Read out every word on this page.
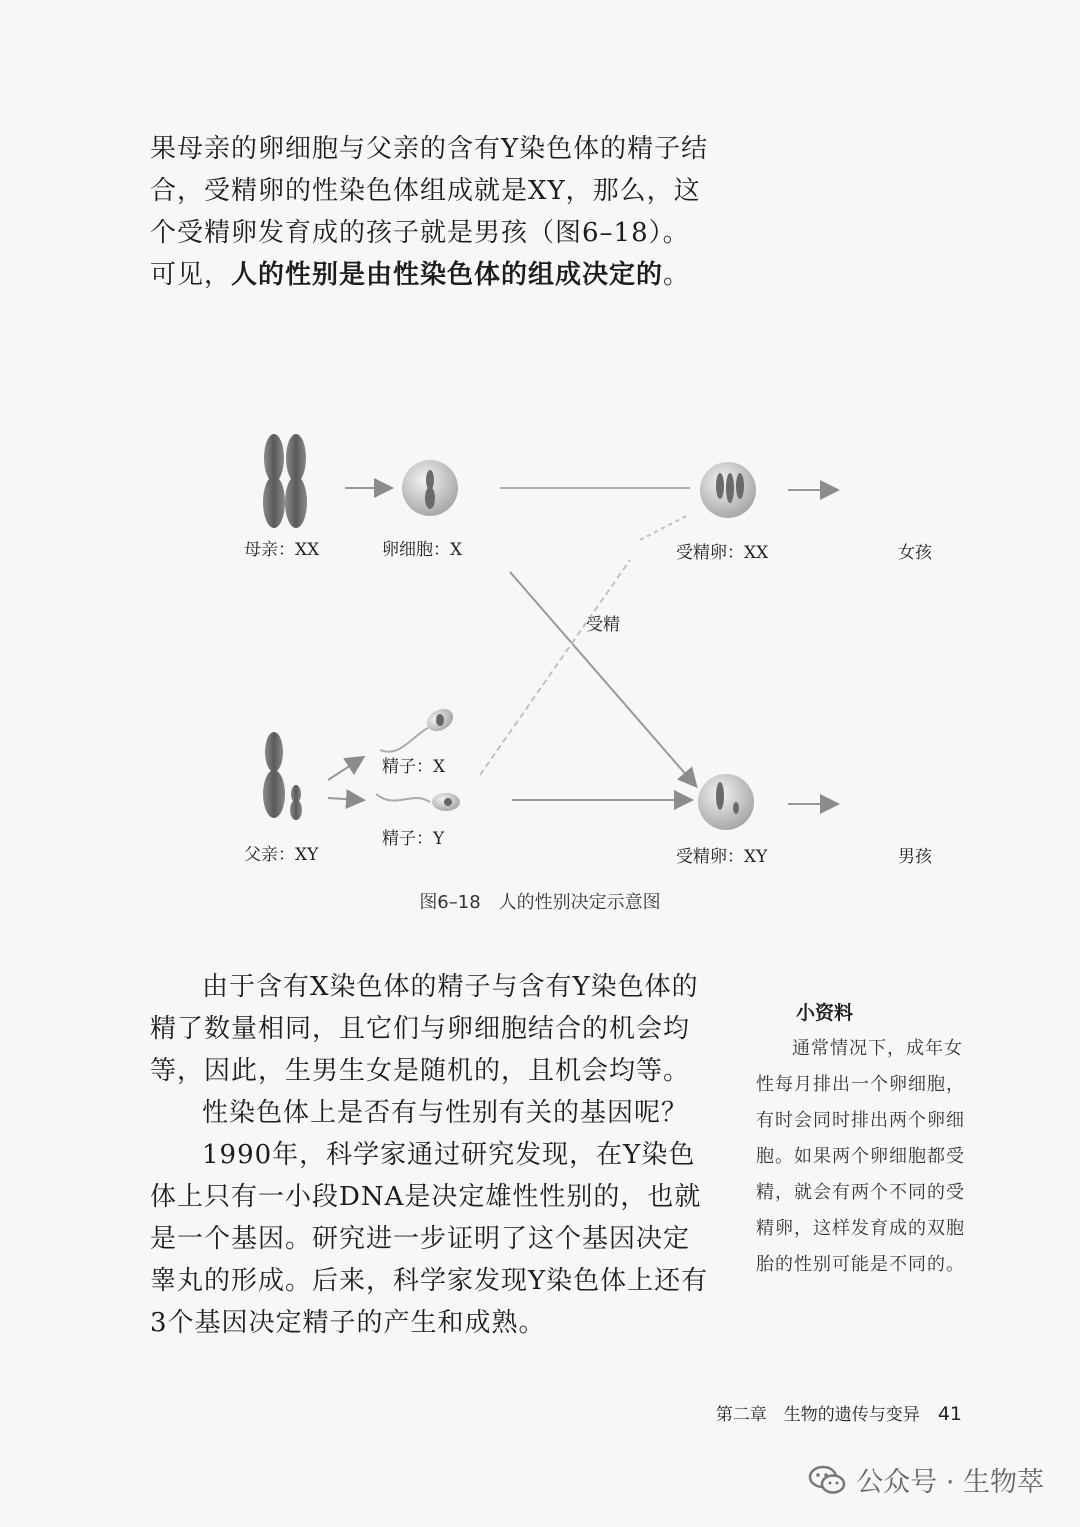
果母亲的卵细胞与父亲的含有Y染色体的精子结合，受精卵的性染色体组成就是XY，那么，这个受精卵发育成的孩子就是男孩（图6–18）。可见，人的性别是由性染色体的组成决定的。

母亲：XX	卵细胞：X	受精卵：XX	女孩
受精
父亲：XY
精子：X
精子：Y
受精卵：XY	男孩
图6–18 人的性别决定示意图

由于含有X染色体的精子与含有Y染色体的精了数量相同，且它们与卵细胞结合的机会均等，因此，生男生女是随机的，且机会均等。

性染色体上是否有与性别有关的基因呢？

1990年，科学家通过研究发现，在Y染色体上只有一小段DNA是决定雄性性别的，也就是一个基因。研究进一步证明了这个基因决定睾丸的形成。后来，科学家发现Y染色体上还有3个基因决定精子的产生和成熟。

小资料

通常情况下，成年女性每月排出一个卵细胞，有时会同时排出两个卵细胞。如果两个卵细胞都受精，就会有两个不同的受精卵，这样发育成的双胞胎的性别可能是不同的。

第二章　生物的遗传与变异 41
公众号 · 生物萃
